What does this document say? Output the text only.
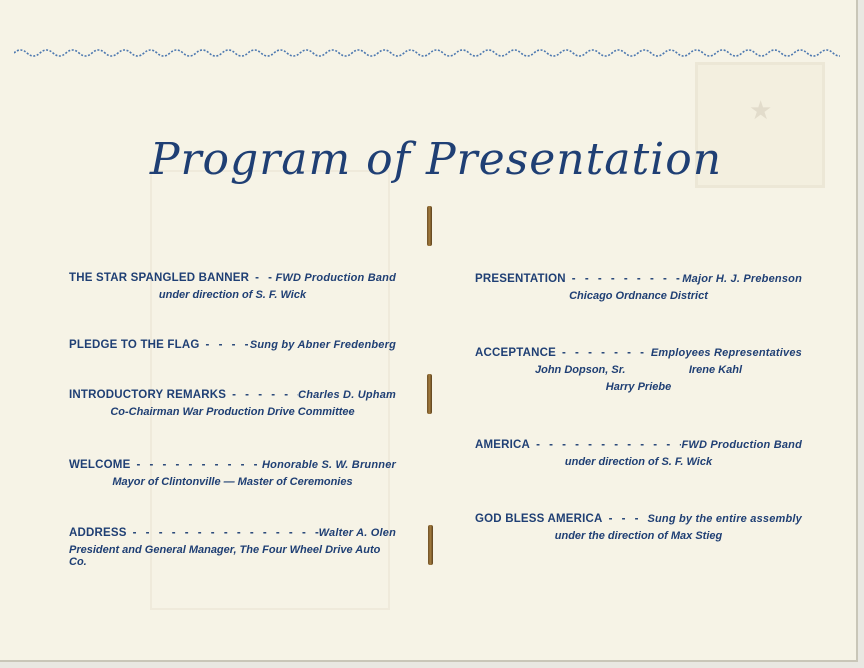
★
Program of Presentation
THE STAR SPANGLED BANNER - - - FWD Production Band
under direction of S. F. Wick
PLEDGE TO THE FLAG - - -	Sung by Abner Fredenberg
INTRODUCTORY REMARKS - - -	Charles D. Upham
Co-Chairman War Production Drive Committee
WELCOME - - -	Honorable S. W. Brunner
Mayor of Clintonville — Master of Ceremonies
ADDRESS - - -	Walter A. Olen
President and General Manager, The Four Wheel Drive Auto Co.
PRESENTATION - - -	Major H. J. Prebenson
Chicago Ordnance District
ACCEPTANCE - - -	Employees Representatives
John Dopson, Sr.	Irene Kahl
Harry Priebe
AMERICA - - -	FWD Production Band
under direction of S. F. Wick
GOD BLESS AMERICA - - -	Sung by the entire assembly
under the direction of Max Stieg
